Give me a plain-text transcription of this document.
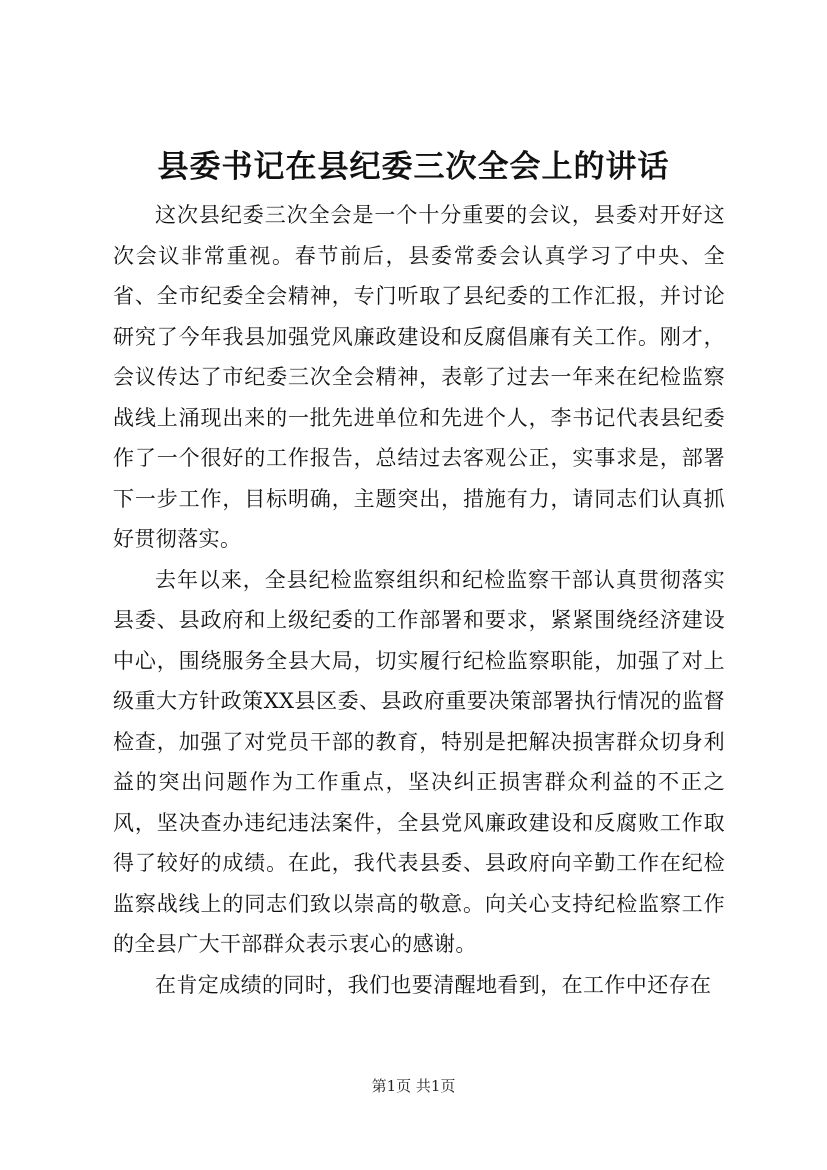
县委书记在县纪委三次全会上的讲话

这次县纪委三次全会是一个十分重要的会议，县委对开好这次会议非常重视。春节前后，县委常委会认真学习了中央、全省、全市纪委全会精神，专门听取了县纪委的工作汇报，并讨论研究了今年我县加强党风廉政建设和反腐倡廉有关工作。刚才，会议传达了市纪委三次全会精神，表彰了过去一年来在纪检监察战线上涌现出来的一批先进单位和先进个人，李书记代表县纪委作了一个很好的工作报告，总结过去客观公正，实事求是，部署下一步工作，目标明确，主题突出，措施有力，请同志们认真抓好贯彻落实。

去年以来，全县纪检监察组织和纪检监察干部认真贯彻落实县委、县政府和上级纪委的工作部署和要求，紧紧围绕经济建设中心，围绕服务全县大局，切实履行纪检监察职能，加强了对上级重大方针政策XX县区委、县政府重要决策部署执行情况的监督检查，加强了对党员干部的教育，特别是把解决损害群众切身利益的突出问题作为工作重点，坚决纠正损害群众利益的不正之风，坚决查办违纪违法案件，全县党风廉政建设和反腐败工作取得了较好的成绩。在此，我代表县委、县政府向辛勤工作在纪检监察战线上的同志们致以崇高的敬意。向关心支持纪检监察工作的全县广大干部群众表示衷心的感谢。

在肯定成绩的同时，我们也要清醒地看到，在工作中还存在

第1页 共1页
